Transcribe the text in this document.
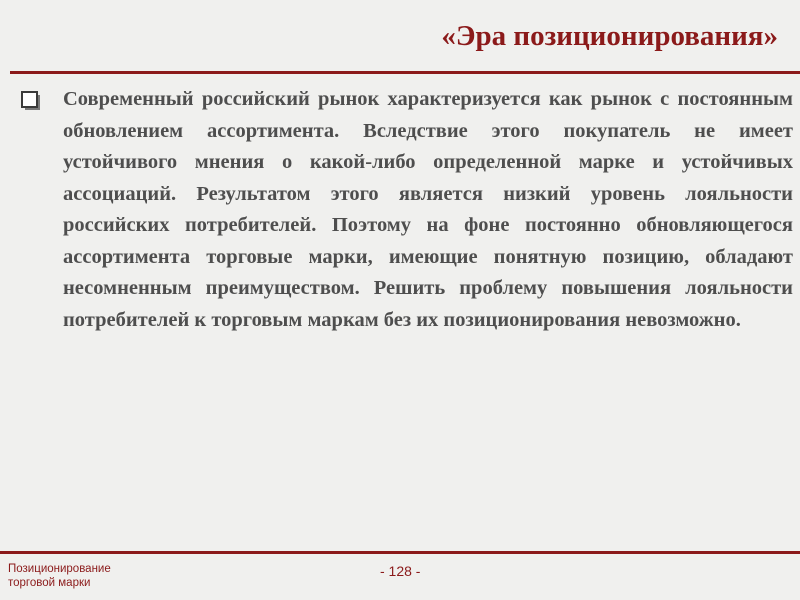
«Эра позиционирования»

Современный российский рынок характеризуется как рынок с постоянным обновлением ассортимента. Вследствие этого покупатель не имеет устойчивого мнения о какой-либо определенной марке и устойчивых ассоциаций. Результатом этого является низкий уровень лояльности российских потребителей. Поэтому на фоне постоянно обновляющегося ассортимента торговые марки, имеющие понятную позицию, обладают несомненным преимуществом. Решить проблему повышения лояльности потребителей к торговым маркам без их позиционирования невозможно.

Позиционирование
торговой марки
- 128 -
